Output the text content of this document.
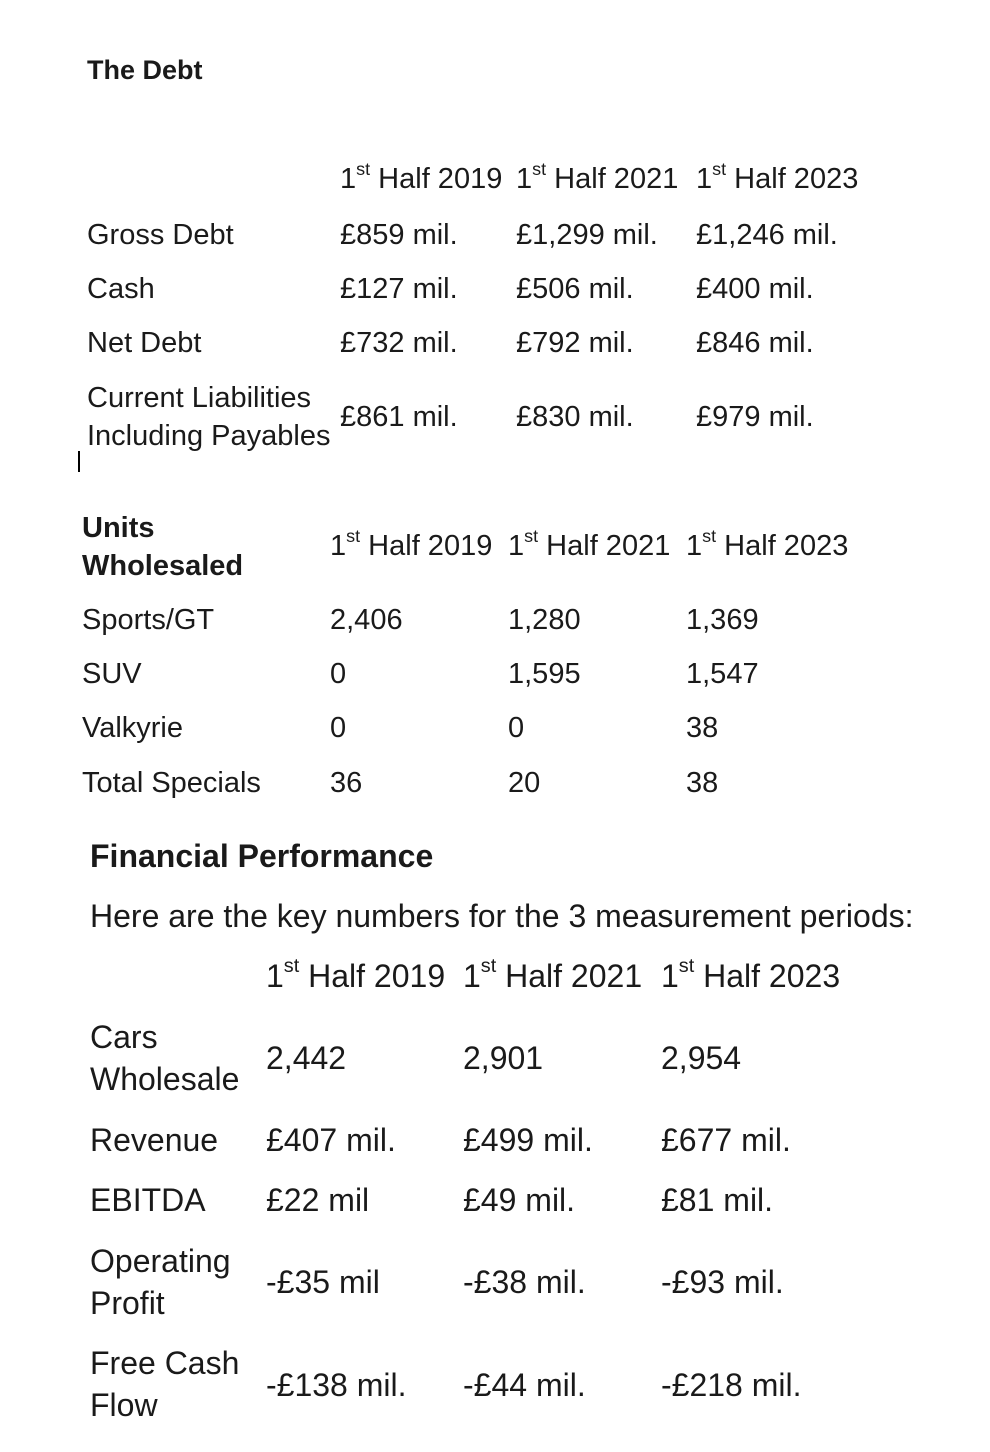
The Debt
1st Half 2019 1st Half 2021 1st Half 2023
Gross Debt	£859 mil. £1,299 mil. £1,246 mil.
Cash	£127 mil. £506 mil. £400 mil.
Net Debt	£732 mil. £792 mil. £846 mil.
Current Liabilities
Including Payables
£861 mil. £830 mil. £979 mil.
Units
Wholesaled
1st Half 2019 1st Half 2021 1st Half 2023
Sports/GT	2,406	1,280	1,369
SUV	0	1,595	1,547
Valkyrie	0	0	38
Total Specials 36	20	38
Financial Performance
Here are the key numbers for the 3 measurement periods:
1st Half 2019 1st Half 2021 1st Half 2023
Cars
Wholesale
2,442	2,901	2,954
Revenue £407 mil. £499 mil. £677 mil.
EBITDA £22 mil	£49 mil.	£81 mil.
Operating
Profit
-£35 mil	-£38 mil. -£93 mil.
Free Cash
Flow
-£138 mil. -£44 mil. -£218 mil.
